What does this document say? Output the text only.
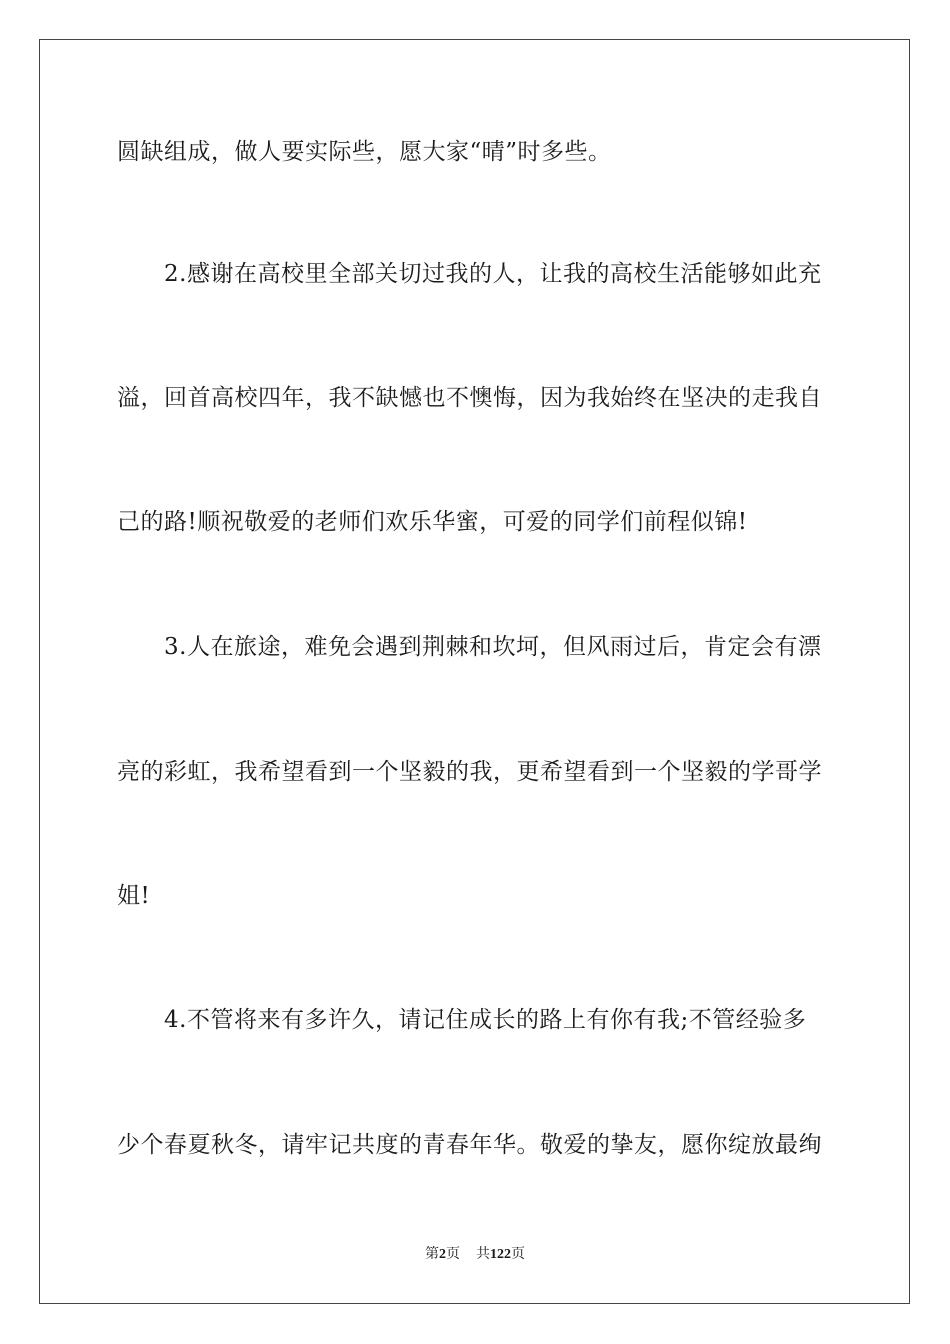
圆缺组成，做人要实际些，愿大家“晴”时多些。
　　2.感谢在高校里全部关切过我的人，让我的高校生活能够如此充
溢，回首高校四年，我不缺憾也不懊悔，因为我始终在坚决的走我自
己的路!顺祝敬爱的老师们欢乐华蜜，可爱的同学们前程似锦!
　　3.人在旅途，难免会遇到荆棘和坎坷，但风雨过后，肯定会有漂
亮的彩虹，我希望看到一个坚毅的我，更希望看到一个坚毅的学哥学
姐!
　　4.不管将来有多许久，请记住成长的路上有你有我;不管经验多
少个春夏秋冬，请牢记共度的青春年华。敬爱的挚友，愿你绽放最绚
第2页 共122页
